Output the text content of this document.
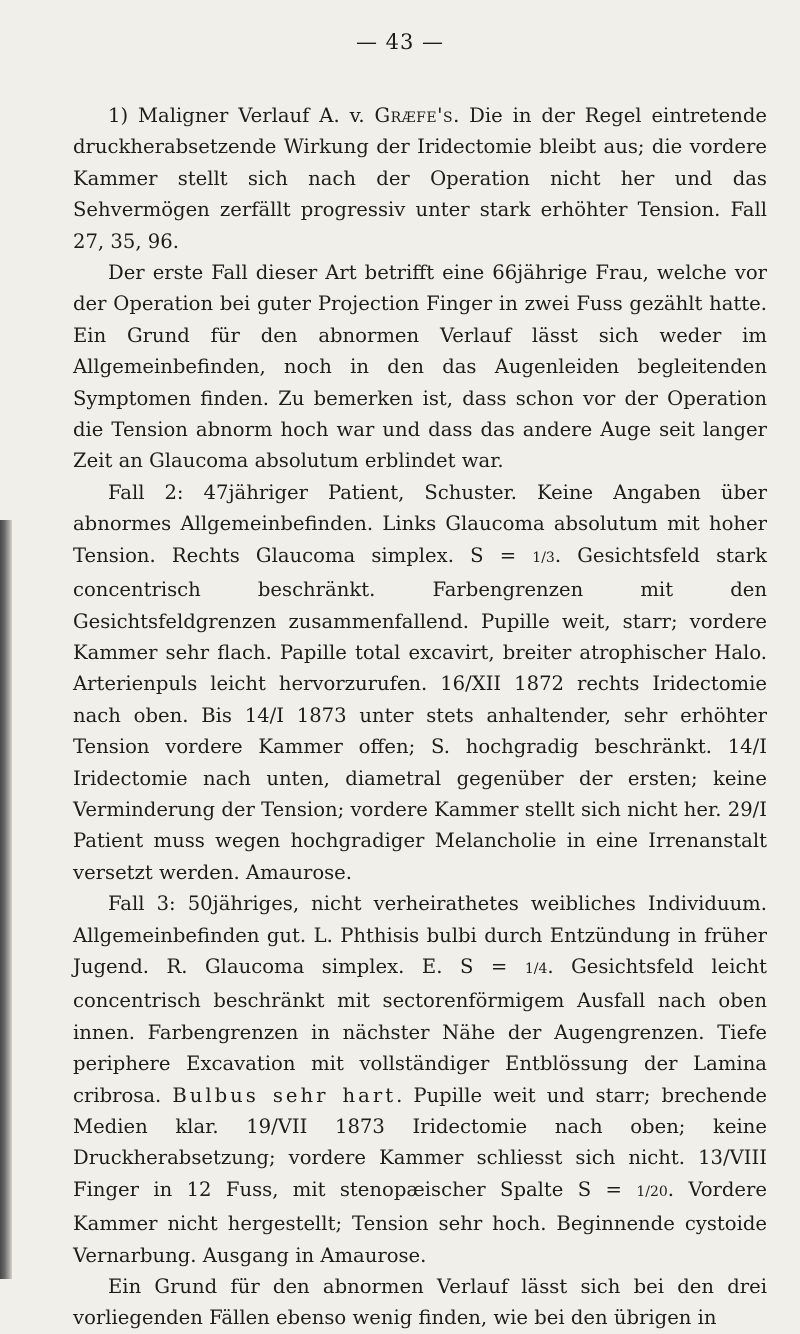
— 43 —

1) Maligner Verlauf A. v. Græfe's. Die in der Regel eintretende druckherabsetzende Wirkung der Iridectomie bleibt aus; die vordere Kammer stellt sich nach der Operation nicht her und das Sehvermögen zerfällt progressiv unter stark erhöhter Tension. Fall 27, 35, 96.

Der erste Fall dieser Art betrifft eine 66jährige Frau, welche vor der Operation bei guter Projection Finger in zwei Fuss gezählt hatte. Ein Grund für den abnormen Verlauf lässt sich weder im Allgemeinbefinden, noch in den das Augenleiden begleitenden Symptomen finden. Zu bemerken ist, dass schon vor der Operation die Tension abnorm hoch war und dass das andere Auge seit langer Zeit an Glaucoma absolutum erblindet war.

Fall 2: 47jähriger Patient, Schuster. Keine Angaben über abnormes Allgemeinbefinden. Links Glaucoma absolutum mit hoher Tension. Rechts Glaucoma simplex. S = 1/3. Gesichtsfeld stark concentrisch beschränkt. Farbengrenzen mit den Gesichtsfeldgrenzen zusammenfallend. Pupille weit, starr; vordere Kammer sehr flach. Papille total excavirt, breiter atrophischer Halo. Arterienpuls leicht hervorzurufen. 16/XII 1872 rechts Iridectomie nach oben. Bis 14/I 1873 unter stets anhaltender, sehr erhöhter Tension vordere Kammer offen; S. hochgradig beschränkt. 14/I Iridectomie nach unten, diametral gegenüber der ersten; keine Verminderung der Tension; vordere Kammer stellt sich nicht her. 29/I Patient muss wegen hochgradiger Melancholie in eine Irrenanstalt versetzt werden. Amaurose.

Fall 3: 50jähriges, nicht verheirathetes weibliches Individuum. Allgemeinbefinden gut. L. Phthisis bulbi durch Entzündung in früher Jugend. R. Glaucoma simplex. E. S = 1/4. Gesichtsfeld leicht concentrisch beschränkt mit sectorenförmigem Ausfall nach oben innen. Farbengrenzen in nächster Nähe der Augengrenzen. Tiefe periphere Excavation mit vollständiger Entblössung der Lamina cribrosa. Bulbus sehr hart. Pupille weit und starr; brechende Medien klar. 19/VII 1873 Iridectomie nach oben; keine Druckherabsetzung; vordere Kammer schliesst sich nicht. 13/VIII Finger in 12 Fuss, mit stenopæischer Spalte S = 1/20. Vordere Kammer nicht hergestellt; Tension sehr hoch. Beginnende cystoide Vernarbung. Ausgang in Amaurose.

Ein Grund für den abnormen Verlauf lässt sich bei den drei vorliegenden Fällen ebenso wenig finden, wie bei den übrigen in
